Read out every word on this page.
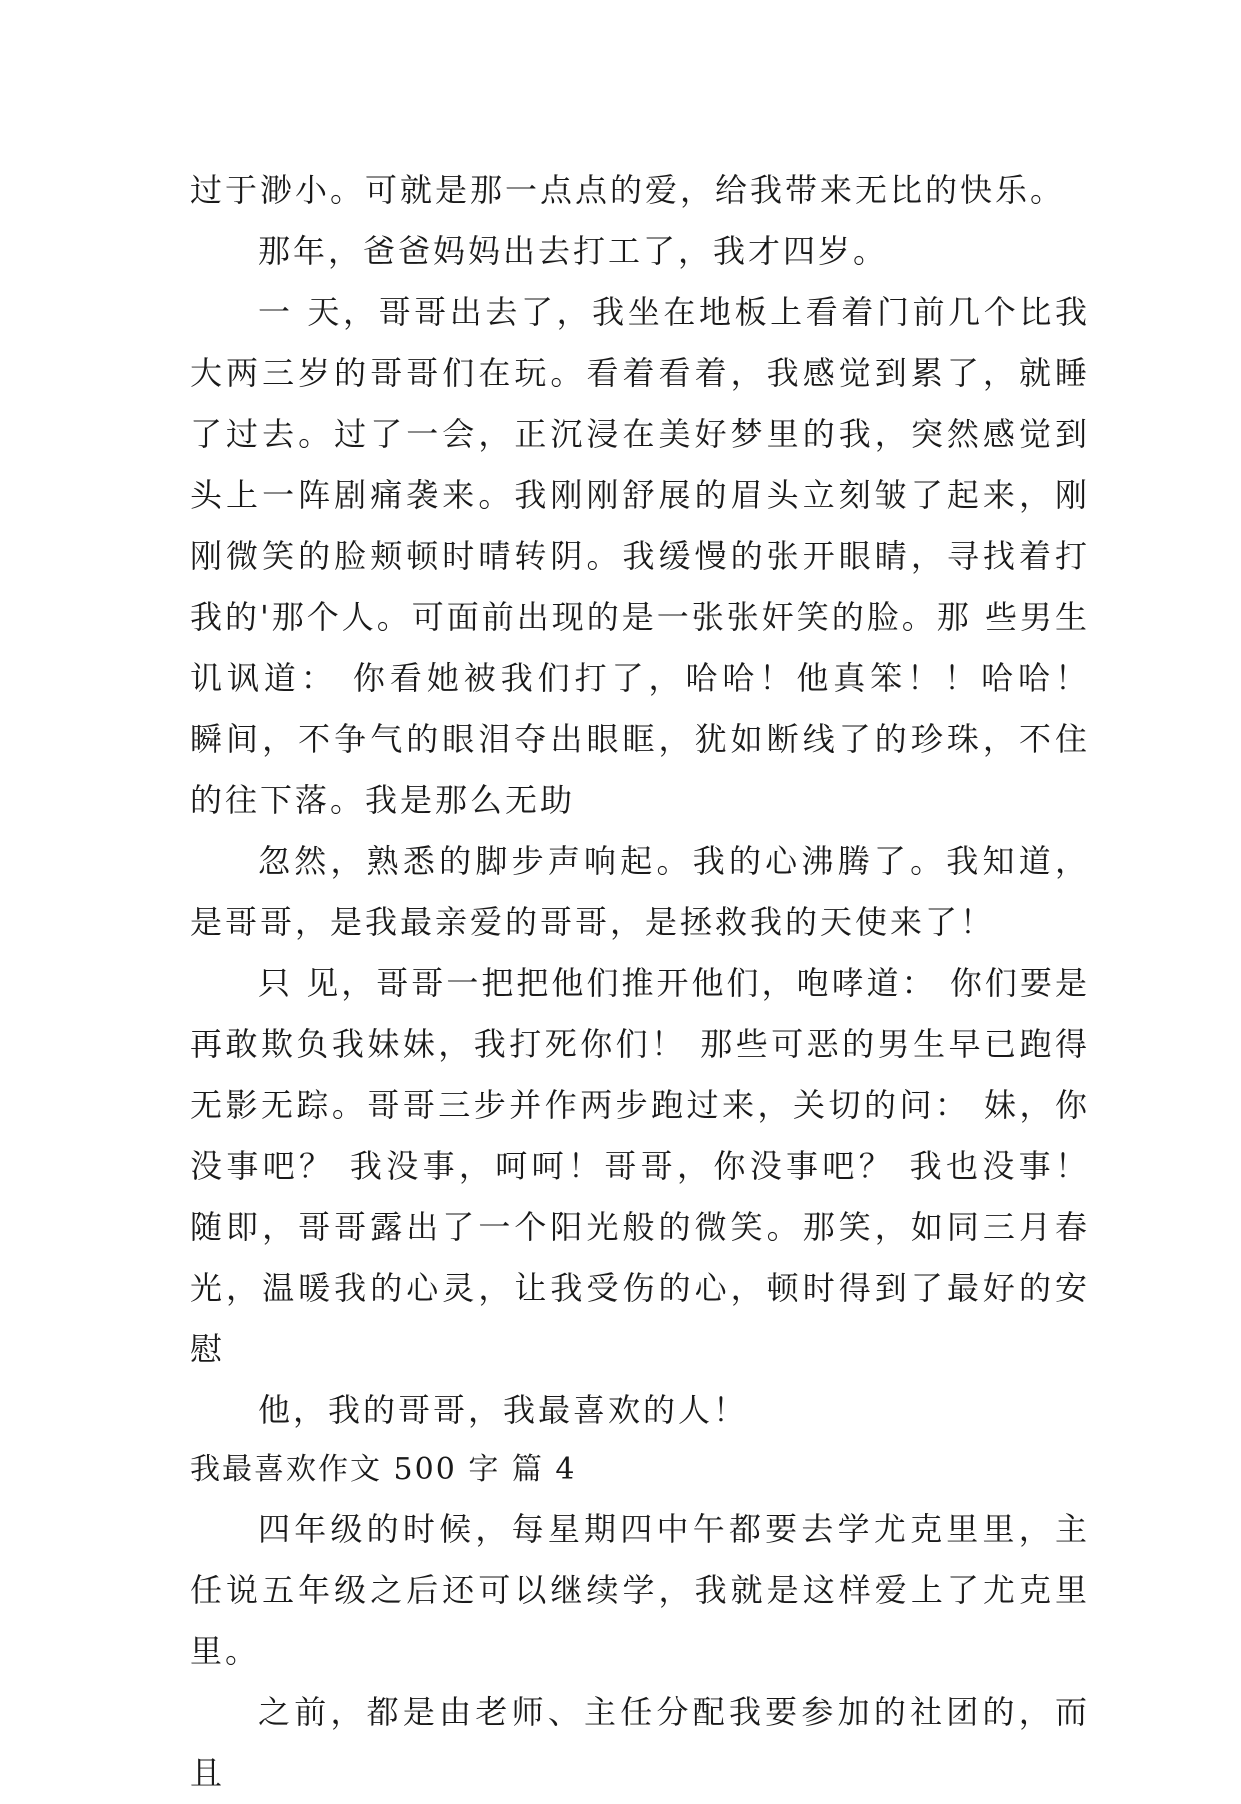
过于渺小。可就是那一点点的爱，给我带来无比的快乐。

那年，爸爸妈妈出去打工了，我才四岁。

一 天，哥哥出去了，我坐在地板上看着门前几个比我大两三岁的哥哥们在玩。看着看着，我感觉到累了，就睡了过去。过了一会，正沉浸在美好梦里的我，突然感觉到 头上一阵剧痛袭来。我刚刚舒展的眉头立刻皱了起来，刚刚微笑的脸颊顿时晴转阴。我缓慢的张开眼睛，寻找着打我的'那个人。可面前出现的是一张张奸笑的脸。那 些男生讥讽道： 你看她被我们打了，哈哈！他真笨！！哈哈！ 瞬间，不争气的眼泪夺出眼眶，犹如断线了的珍珠，不住的往下落。我是那么无助

忽然，熟悉的脚步声响起。我的心沸腾了。我知道，是哥哥，是我最亲爱的哥哥，是拯救我的天使来了！

只 见，哥哥一把把他们推开他们，咆哮道： 你们要是再敢欺负我妹妹，我打死你们！ 那些可恶的男生早已跑得无影无踪。哥哥三步并作两步跑过来，关切的问： 妹，你没事吧？ 我没事，呵呵！哥哥，你没事吧？ 我也没事！随即，哥哥露出了一个阳光般的微笑。那笑，如同三月春光，温暖我的心灵，让我受伤的心，顿时得到了最好的安慰

他，我的哥哥，我最喜欢的人！

我最喜欢作文 500 字 篇 4

四年级的时候，每星期四中午都要去学尤克里里，主任说五年级之后还可以继续学，我就是这样爱上了尤克里里。

之前，都是由老师、主任分配我要参加的社团的，而且
